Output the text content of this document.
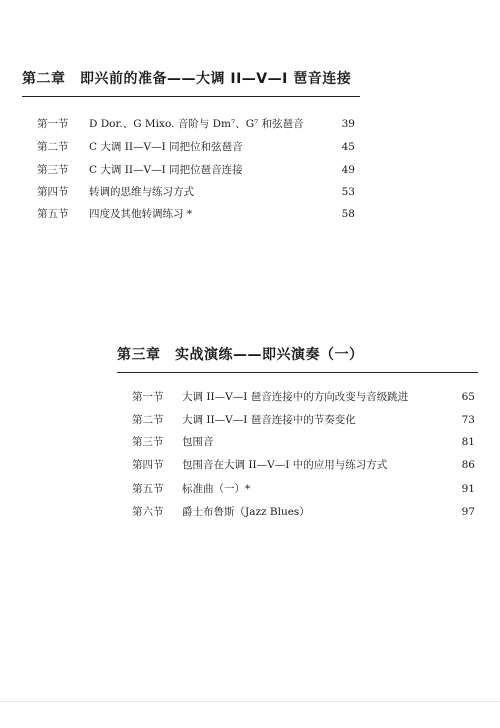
第二章　即兴前的准备——大调 II—V—I 琶音连接
第一节 D Dor.、G Mixo. 音阶与 Dm⁷、G⁷ 和弦琶音	39
第二节 C 大调 II—V—I 同把位和弦琶音	45
第三节 C 大调 II—V—I 同把位琶音连接	49
第四节 转调的思维与练习方式	53
第五节 四度及其他转调练习 *	58
第三章　实战演练——即兴演奏（一）
第一节 大调 II—V—I 琶音连接中的方向改变与音级跳进	65
第二节 大调 II—V—I 琶音连接中的节奏变化	73
第三节 包围音	81
第四节 包围音在大调 II—V—I 中的应用与练习方式	86
第五节 标准曲（一）*	91
第六节 爵士布鲁斯（Jazz Blues）	97
